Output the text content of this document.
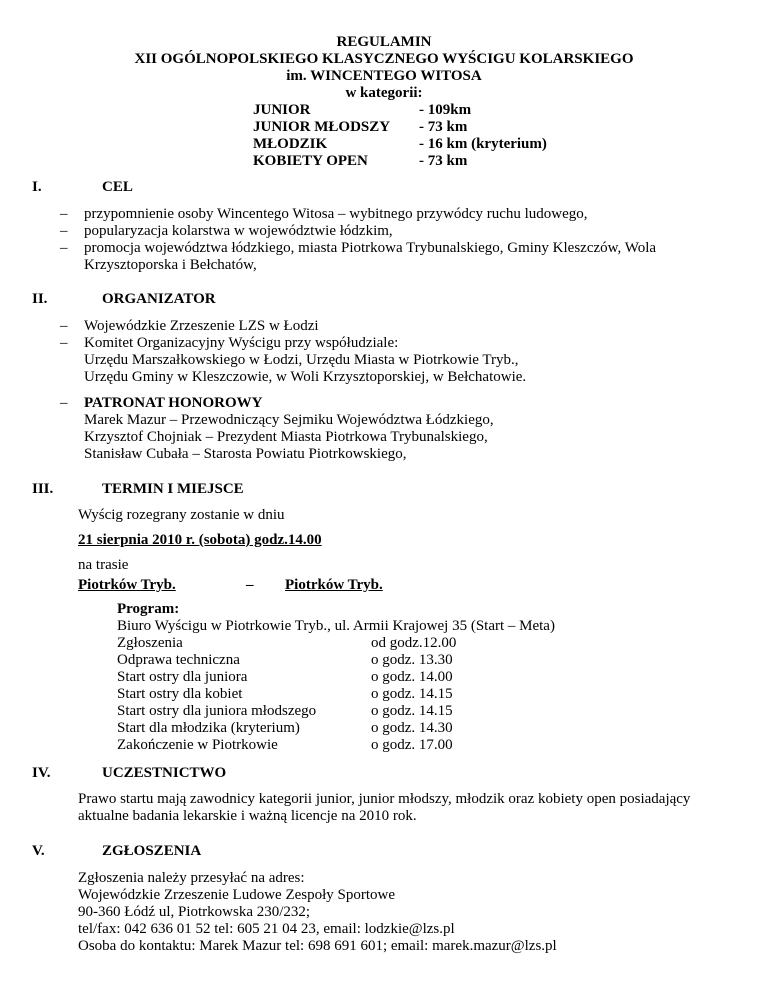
REGULAMIN
XII OGÓLNOPOLSKIEGO KLASYCZNEGO WYŚCIGU KOLARSKIEGO
im. WINCENTEGO WITOSA
w kategorii:
JUNIOR	- 109km
JUNIOR MŁODSZY - 73 km
MŁODZIK	- 16 km (kryterium)
KOBIETY OPEN	- 73 km
I.	CEL
– przypomnienie osoby Wincentego Witosa – wybitnego przywódcy ruchu ludowego,
– popularyzacja kolarstwa w województwie łódzkim,
– promocja województwa łódzkiego, miasta Piotrkowa Trybunalskiego, Gminy Kleszczów, Wola Krzysztoporska i Bełchatów,
II.	ORGANIZATOR
– Wojewódzkie Zrzeszenie LZS w Łodzi
– Komitet Organizacyjny Wyścigu przy współudziale:
Urzędu Marszałkowskiego w Łodzi, Urzędu Miasta w Piotrkowie Tryb.,
Urzędu Gminy w Kleszczowie, w Woli Krzysztoporskiej, w Bełchatowie.
– PATRONAT HONOROWY
Marek Mazur – Przewodniczący Sejmiku Województwa Łódzkiego,
Krzysztof Chojniak – Prezydent Miasta Piotrkowa Trybunalskiego,
Stanisław Cubała – Starosta Powiatu Piotrkowskiego,
III.	TERMIN I MIEJSCE
Wyścig rozegrany zostanie w dniu
21 sierpnia 2010 r. (sobota) godz.14.00
na trasie
Piotrków Tryb.	– Piotrków Tryb.
Program:
Biuro Wyścigu w Piotrkowie Tryb., ul. Armii Krajowej 35 (Start – Meta)
Zgłoszenia	od godz.12.00
Odprawa techniczna	o godz. 13.30
Start ostry dla juniora	o godz. 14.00
Start ostry dla kobiet	o godz. 14.15
Start ostry dla juniora młodszego	o godz. 14.15
Start dla młodzika (kryterium)	o godz. 14.30
Zakończenie w Piotrkowie	o godz. 17.00
IV.	UCZESTNICTWO
Prawo startu mają zawodnicy kategorii junior, junior młodszy, młodzik oraz kobiety open posiadający
aktualne badania lekarskie i ważną licencje na 2010 rok.
V.	ZGŁOSZENIA
Zgłoszenia należy przesyłać na adres:
Wojewódzkie Zrzeszenie Ludowe Zespoły Sportowe
90-360 Łódź ul, Piotrkowska 230/232;
tel/fax: 042 636 01 52 tel: 605 21 04 23, email: lodzkie@lzs.pl
Osoba do kontaktu: Marek Mazur tel: 698 691 601; email: marek.mazur@lzs.pl
